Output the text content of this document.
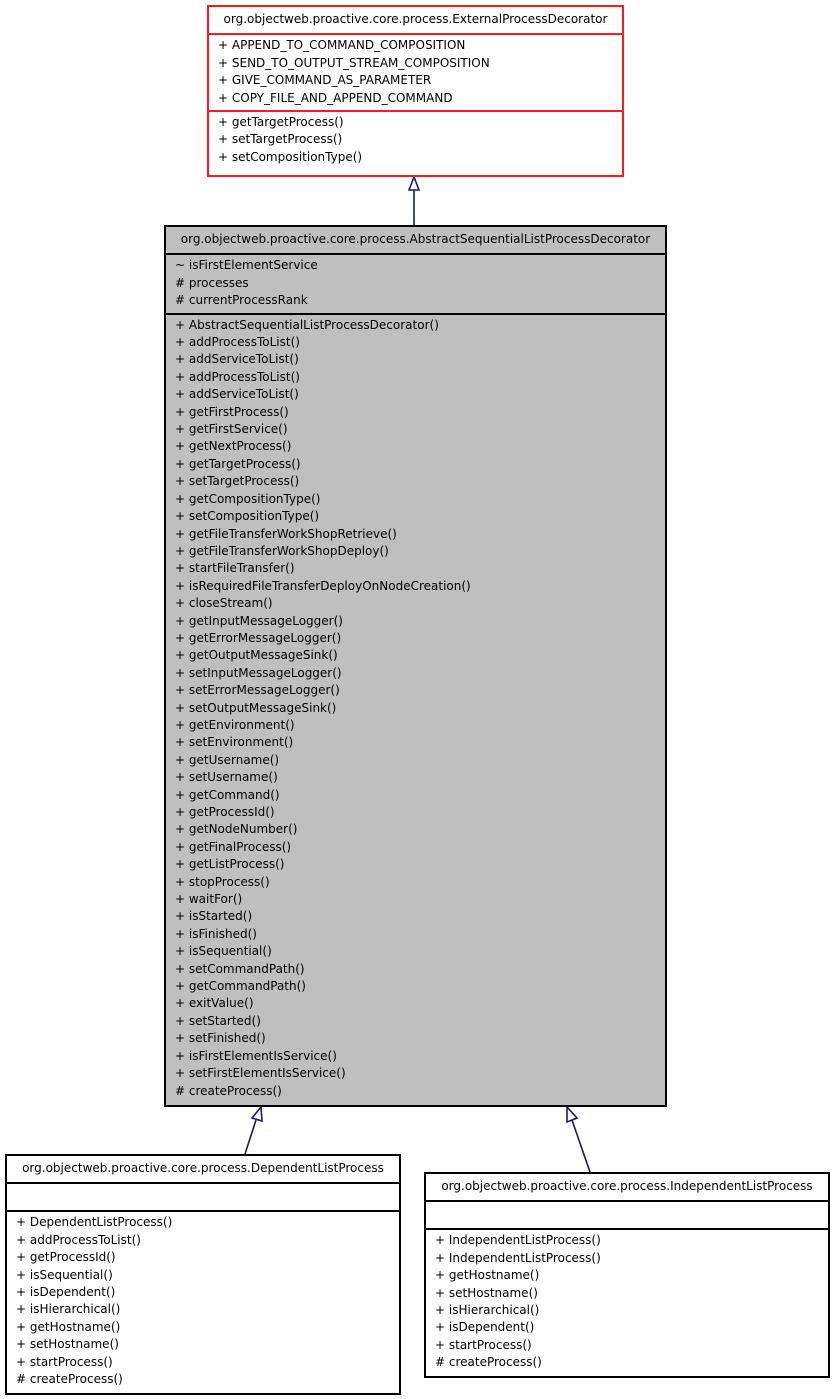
org.objectweb.proactive.core.process.ExternalProcessDecorator
+ APPEND_TO_COMMAND_COMPOSITION
+ SEND_TO_OUTPUT_STREAM_COMPOSITION
+ GIVE_COMMAND_AS_PARAMETER
+ COPY_FILE_AND_APPEND_COMMAND
+ getTargetProcess()
+ setTargetProcess()
+ setCompositionType()
org.objectweb.proactive.core.process.AbstractSequentialListProcessDecorator
~ isFirstElementService
# processes
# currentProcessRank
+ AbstractSequentialListProcessDecorator()
+ addProcessToList()
+ addServiceToList()
+ addProcessToList()
+ addServiceToList()
+ getFirstProcess()
+ getFirstService()
+ getNextProcess()
+ getTargetProcess()
+ setTargetProcess()
+ getCompositionType()
+ setCompositionType()
+ getFileTransferWorkShopRetrieve()
+ getFileTransferWorkShopDeploy()
+ startFileTransfer()
+ isRequiredFileTransferDeployOnNodeCreation()
+ closeStream()
+ getInputMessageLogger()
+ getErrorMessageLogger()
+ getOutputMessageSink()
+ setInputMessageLogger()
+ setErrorMessageLogger()
+ setOutputMessageSink()
+ getEnvironment()
+ setEnvironment()
+ getUsername()
+ setUsername()
+ getCommand()
+ getProcessId()
+ getNodeNumber()
+ getFinalProcess()
+ getListProcess()
+ stopProcess()
+ waitFor()
+ isStarted()
+ isFinished()
+ isSequential()
+ setCommandPath()
+ getCommandPath()
+ exitValue()
+ setStarted()
+ setFinished()
+ isFirstElementIsService()
+ setFirstElementIsService()
# createProcess()
org.objectweb.proactive.core.process.DependentListProcess
+ DependentListProcess()
+ addProcessToList()
+ getProcessId()
+ isSequential()
+ isDependent()
+ isHierarchical()
+ getHostname()
+ setHostname()
+ startProcess()
# createProcess()
org.objectweb.proactive.core.process.IndependentListProcess
+ IndependentListProcess()
+ IndependentListProcess()
+ getHostname()
+ setHostname()
+ isHierarchical()
+ isDependent()
+ startProcess()
# createProcess()
